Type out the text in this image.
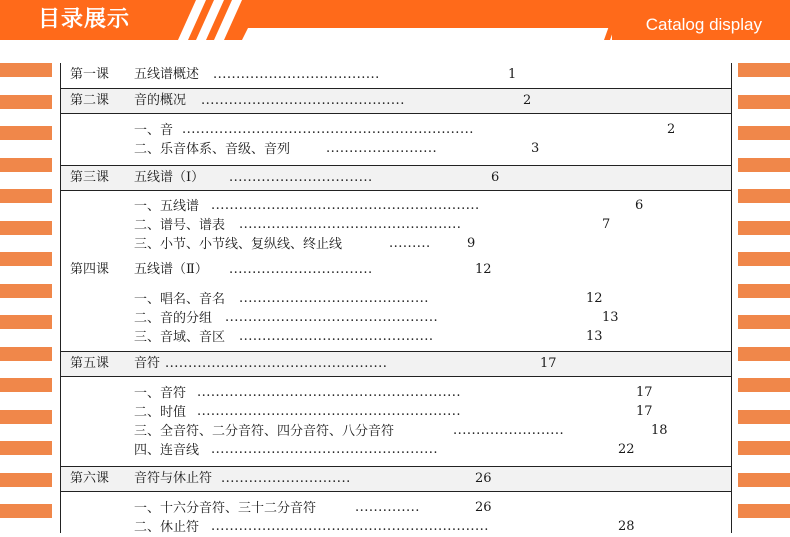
目录展示	Catalog display
第一课 五线谱概述 ....................................	1
第二课 音的概况 ............................................	2
一、音 ...............................................................	2
二、乐音体系、音级、音列	........................	3
第三课 五线谱（Ⅰ） ...............................	6
一、五线谱 ..........................................................	6
二、谱号、谱表 ................................................	7
三、小节、小节线、复纵线、终止线	.........	9
第四课 五线谱（Ⅱ） ...............................	12
一、唱名、音名 .........................................	12
二、音的分组 ..............................................	13
三、音域、音区 ..........................................	13
第五课 音符 ................................................	17
一、音符 .........................................................	17
二、时值 .........................................................	17
三、全音符、二分音符、四分音符、八分音符	........................	18
四、连音线 .................................................	22
第六课 音符与休止符 ............................	26
一、十六分音符、三十二分音符	..............	26
二、休止符 ............................................................	28
